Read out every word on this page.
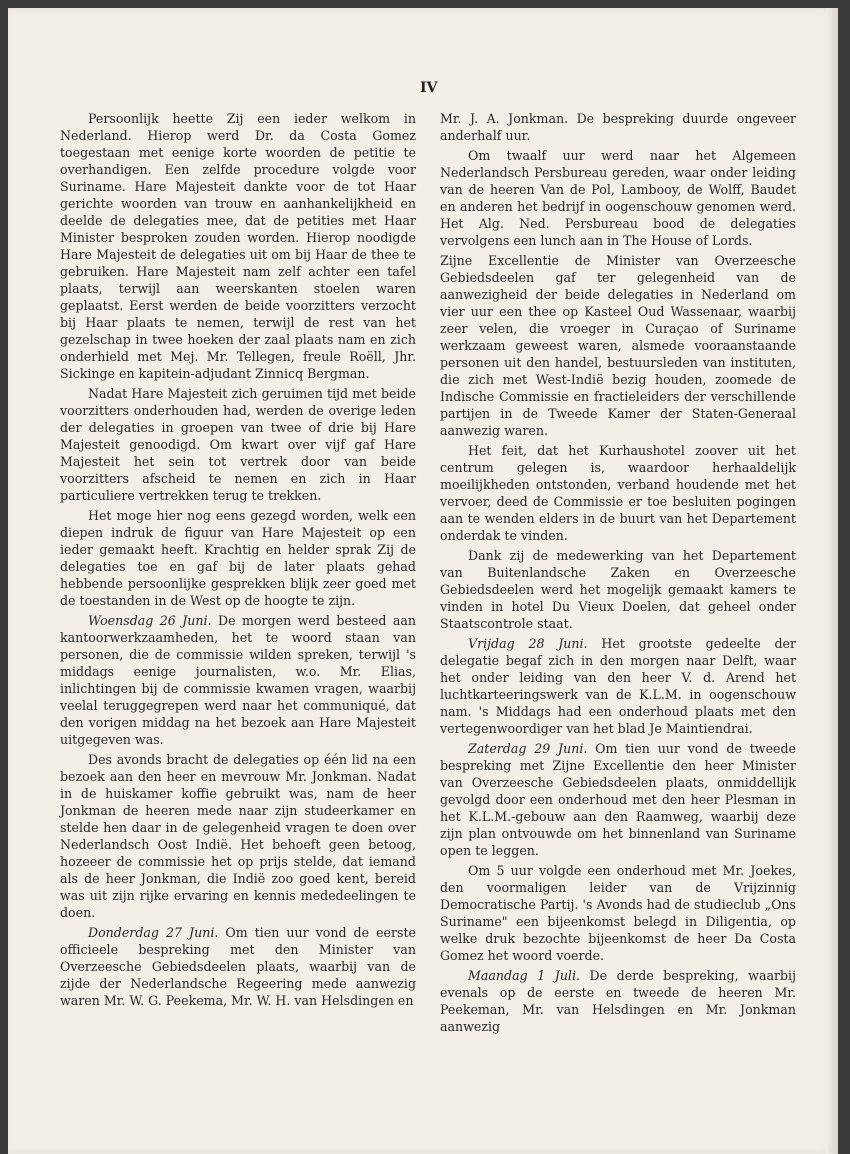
IV

Persoonlijk heette Zij een ieder welkom in Nederland. Hierop werd Dr. da Costa Gomez toegestaan met eenige korte woorden de petitie te overhandigen. Een zelfde procedure volgde voor Suriname. Hare Majesteit dankte voor de tot Haar gerichte woorden van trouw en aanhankelijkheid en deelde de delegaties mee, dat de petities met Haar Minister besproken zouden worden. Hierop noodigde Hare Majesteit de delegaties uit om bij Haar de thee te gebruiken. Hare Majesteit nam zelf achter een tafel plaats, terwijl aan weerskanten stoelen waren geplaatst. Eerst werden de beide voorzitters verzocht bij Haar plaats te nemen, terwijl de rest van het gezelschap in twee hoeken der zaal plaats nam en zich onderhield met Mej. Mr. Tellegen, freule Roëll, Jhr. Sickinge en kapitein-adjudant Zinnicq Bergman.

Nadat Hare Majesteit zich geruimen tijd met beide voorzitters onderhouden had, werden de overige leden der delegaties in groepen van twee of drie bij Hare Majesteit genoodigd. Om kwart over vijf gaf Hare Majesteit het sein tot vertrek door van beide voorzitters afscheid te nemen en zich in Haar particuliere vertrekken terug te trekken.

Het moge hier nog eens gezegd worden, welk een diepen indruk de figuur van Hare Majesteit op een ieder gemaakt heeft. Krachtig en helder sprak Zij de delegaties toe en gaf bij de later plaats gehad hebbende persoonlijke gesprekken blijk zeer goed met de toestanden in de West op de hoogte te zijn.

Woensdag 26 Juni. De morgen werd besteed aan kantoorwerkzaamheden, het te woord staan van personen, die de commissie wilden spreken, terwijl 's middags eenige journalisten, w.o. Mr. Elias, inlichtingen bij de commissie kwamen vragen, waarbij veelal teruggegrepen werd naar het communiqué, dat den vorigen middag na het bezoek aan Hare Majesteit uitgegeven was.

Des avonds bracht de delegaties op één lid na een bezoek aan den heer en mevrouw Mr. Jonkman. Nadat in de huiskamer koffie gebruikt was, nam de heer Jonkman de heeren mede naar zijn studeerkamer en stelde hen daar in de gelegenheid vragen te doen over Nederlandsch Oost Indië. Het behoeft geen betoog, hozeeer de commissie het op prijs stelde, dat iemand als de heer Jonkman, die Indië zoo goed kent, bereid was uit zijn rijke ervaring en kennis mededeelingen te doen.

Donderdag 27 Juni. Om tien uur vond de eerste officieele bespreking met den Minister van Overzeesche Gebiedsdeelen plaats, waarbij van de zijde der Nederlandsche Regeering mede aanwezig waren Mr. W. G. Peekema, Mr. W. H. van Helsdingen en

Mr. J. A. Jonkman. De bespreking duurde ongeveer anderhalf uur.

Om twaalf uur werd naar het Algemeen Nederlandsch Persbureau gereden, waar onder leiding van de heeren Van de Pol, Lambooy, de Wolff, Baudet en anderen het bedrijf in oogenschouw genomen werd. Het Alg. Ned. Persbureau bood de delegaties vervolgens een lunch aan in The House of Lords.

Zijne Excellentie de Minister van Overzeesche Gebiedsdeelen gaf ter gelegenheid van de aanwezigheid der beide delegaties in Nederland om vier uur een thee op Kasteel Oud Wassenaar, waarbij zeer velen, die vroeger in Curaçao of Suriname werkzaam geweest waren, alsmede vooraanstaande personen uit den handel, bestuursleden van instituten, die zich met West-Indië bezig houden, zoomede de Indische Commissie en fractieleiders der verschillende partijen in de Tweede Kamer der Staten-Generaal aanwezig waren.

Het feit, dat het Kurhaushotel zoover uit het centrum gelegen is, waardoor herhaaldelijk moeilijkheden ontstonden, verband houdende met het vervoer, deed de Commissie er toe besluiten pogingen aan te wenden elders in de buurt van het Departement onderdak te vinden.

Dank zij de medewerking van het Departement van Buitenlandsche Zaken en Overzeesche Gebiedsdeelen werd het mogelijk gemaakt kamers te vinden in hotel Du Vieux Doelen, dat geheel onder Staatscontrole staat.

Vrijdag 28 Juni. Het grootste gedeelte der delegatie begaf zich in den morgen naar Delft, waar het onder leiding van den heer V. d. Arend het luchtkarteeringswerk van de K.L.M. in oogenschouw nam. 's Middags had een onderhoud plaats met den vertegenwoordiger van het blad Je Maintiendrai.

Zaterdag 29 Juni. Om tien uur vond de tweede bespreking met Zijne Excellentie den heer Minister van Overzeesche Gebiedsdeelen plaats, onmiddellijk gevolgd door een onderhoud met den heer Plesman in het K.L.M.-gebouw aan den Raamweg, waarbij deze zijn plan ontvouwde om het binnenland van Suriname open te leggen.

Om 5 uur volgde een onderhoud met Mr. Joekes, den voormaligen leider van de Vrijzinnig Democratische Partij. 's Avonds had de studieclub „Ons Suriname" een bijeenkomst belegd in Diligentia, op welke druk bezochte bijeenkomst de heer Da Costa Gomez het woord voerde.

Maandag 1 Juli. De derde bespreking, waarbij evenals op de eerste en tweede de heeren Mr. Peekeman, Mr. van Helsdingen en Mr. Jonkman aanwezig
